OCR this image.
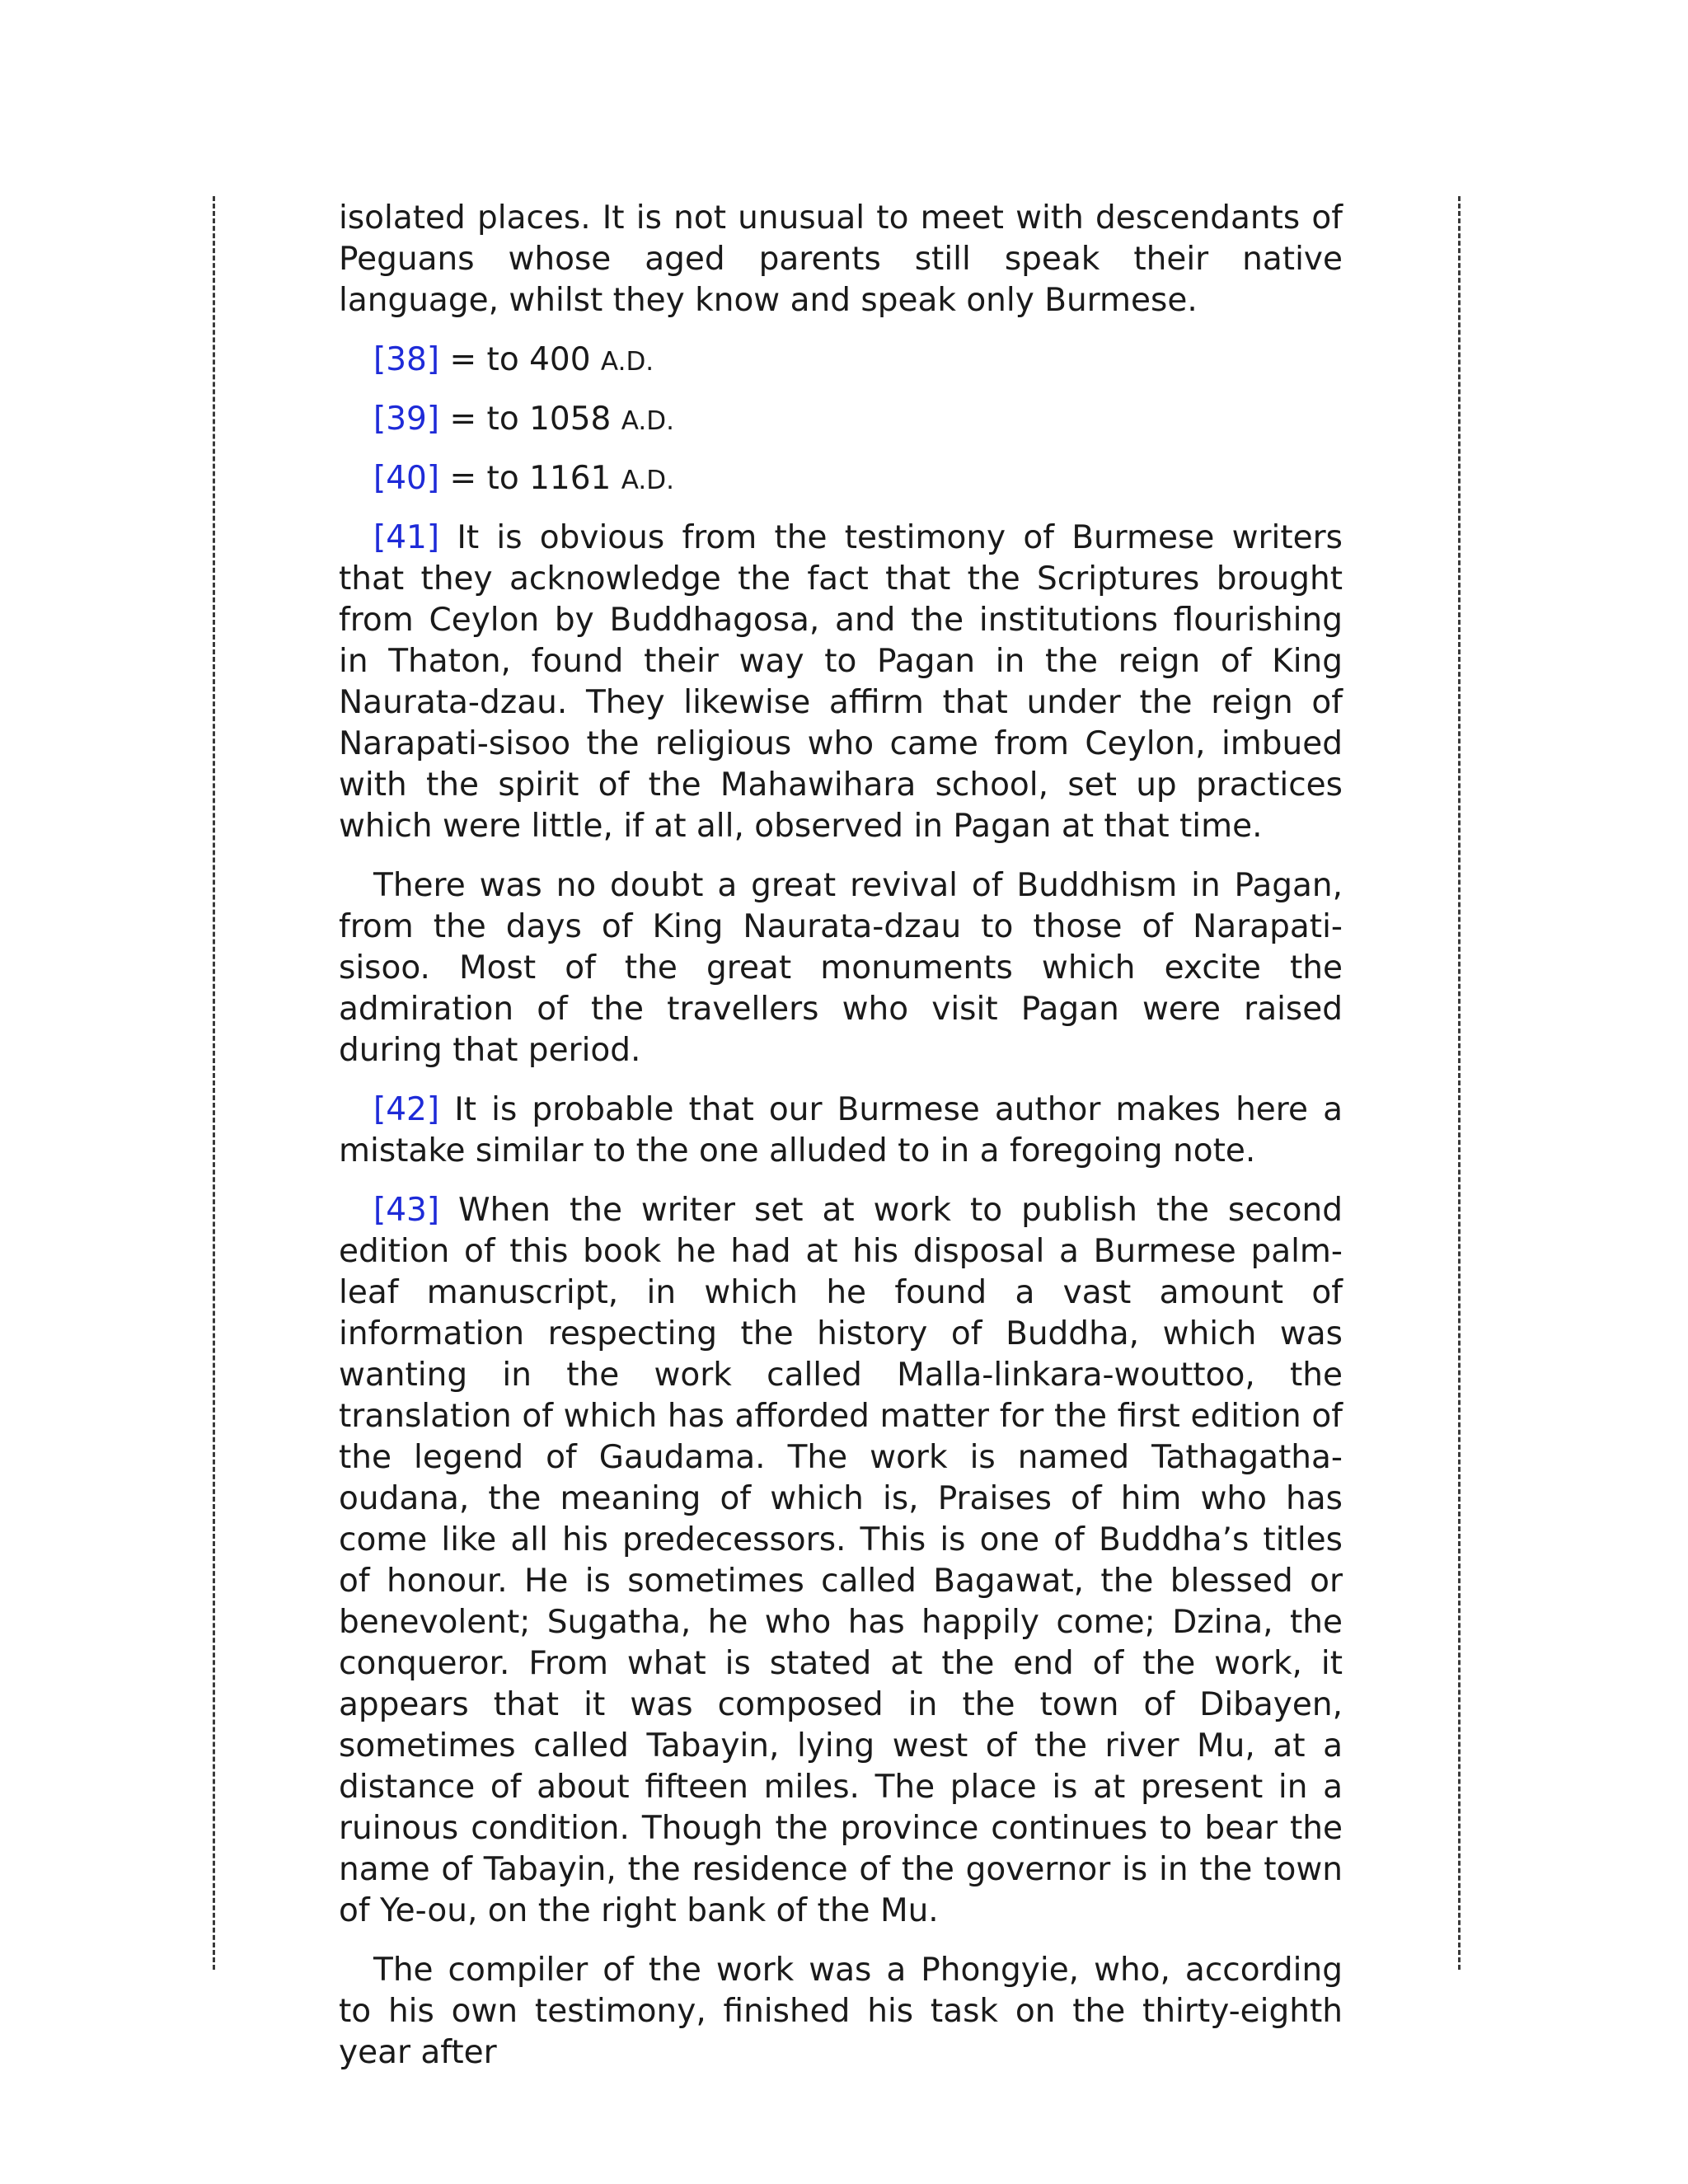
isolated places. It is not unusual to meet with descendants of Peguans whose aged parents still speak their native language, whilst they know and speak only Burmese.

[38] = to 400 A.D.

[39] = to 1058 A.D.

[40] = to 1161 A.D.

[41] It is obvious from the testimony of Burmese writers that they acknowledge the fact that the Scriptures brought from Ceylon by Buddhagosa, and the institutions flourishing in Thaton, found their way to Pagan in the reign of King Naurata-dzau. They likewise affirm that under the reign of Narapati-sisoo the religious who came from Ceylon, imbued with the spirit of the Mahawihara school, set up practices which were little, if at all, observed in Pagan at that time.

There was no doubt a great revival of Buddhism in Pagan, from the days of King Naurata-dzau to those of Narapati-sisoo. Most of the great monuments which excite the admiration of the travellers who visit Pagan were raised during that period.

[42] It is probable that our Burmese author makes here a mistake similar to the one alluded to in a foregoing note.

[43] When the writer set at work to publish the second edition of this book he had at his disposal a Burmese palm-leaf manuscript, in which he found a vast amount of information respecting the history of Buddha, which was wanting in the work called Malla-linkara-wouttoo, the translation of which has afforded matter for the first edition of the legend of Gaudama. The work is named Tathagatha-oudana, the meaning of which is, Praises of him who has come like all his predecessors. This is one of Buddha’s titles of honour. He is sometimes called Bagawat, the blessed or benevolent; Sugatha, he who has happily come; Dzina, the conqueror. From what is stated at the end of the work, it appears that it was composed in the town of Dibayen, sometimes called Tabayin, lying west of the river Mu, at a distance of about fifteen miles. The place is at present in a ruinous condition. Though the province continues to bear the name of Tabayin, the residence of the governor is in the town of Ye-ou, on the right bank of the Mu.

The compiler of the work was a Phongyie, who, according to his own testimony, finished his task on the thirty-eighth year after
